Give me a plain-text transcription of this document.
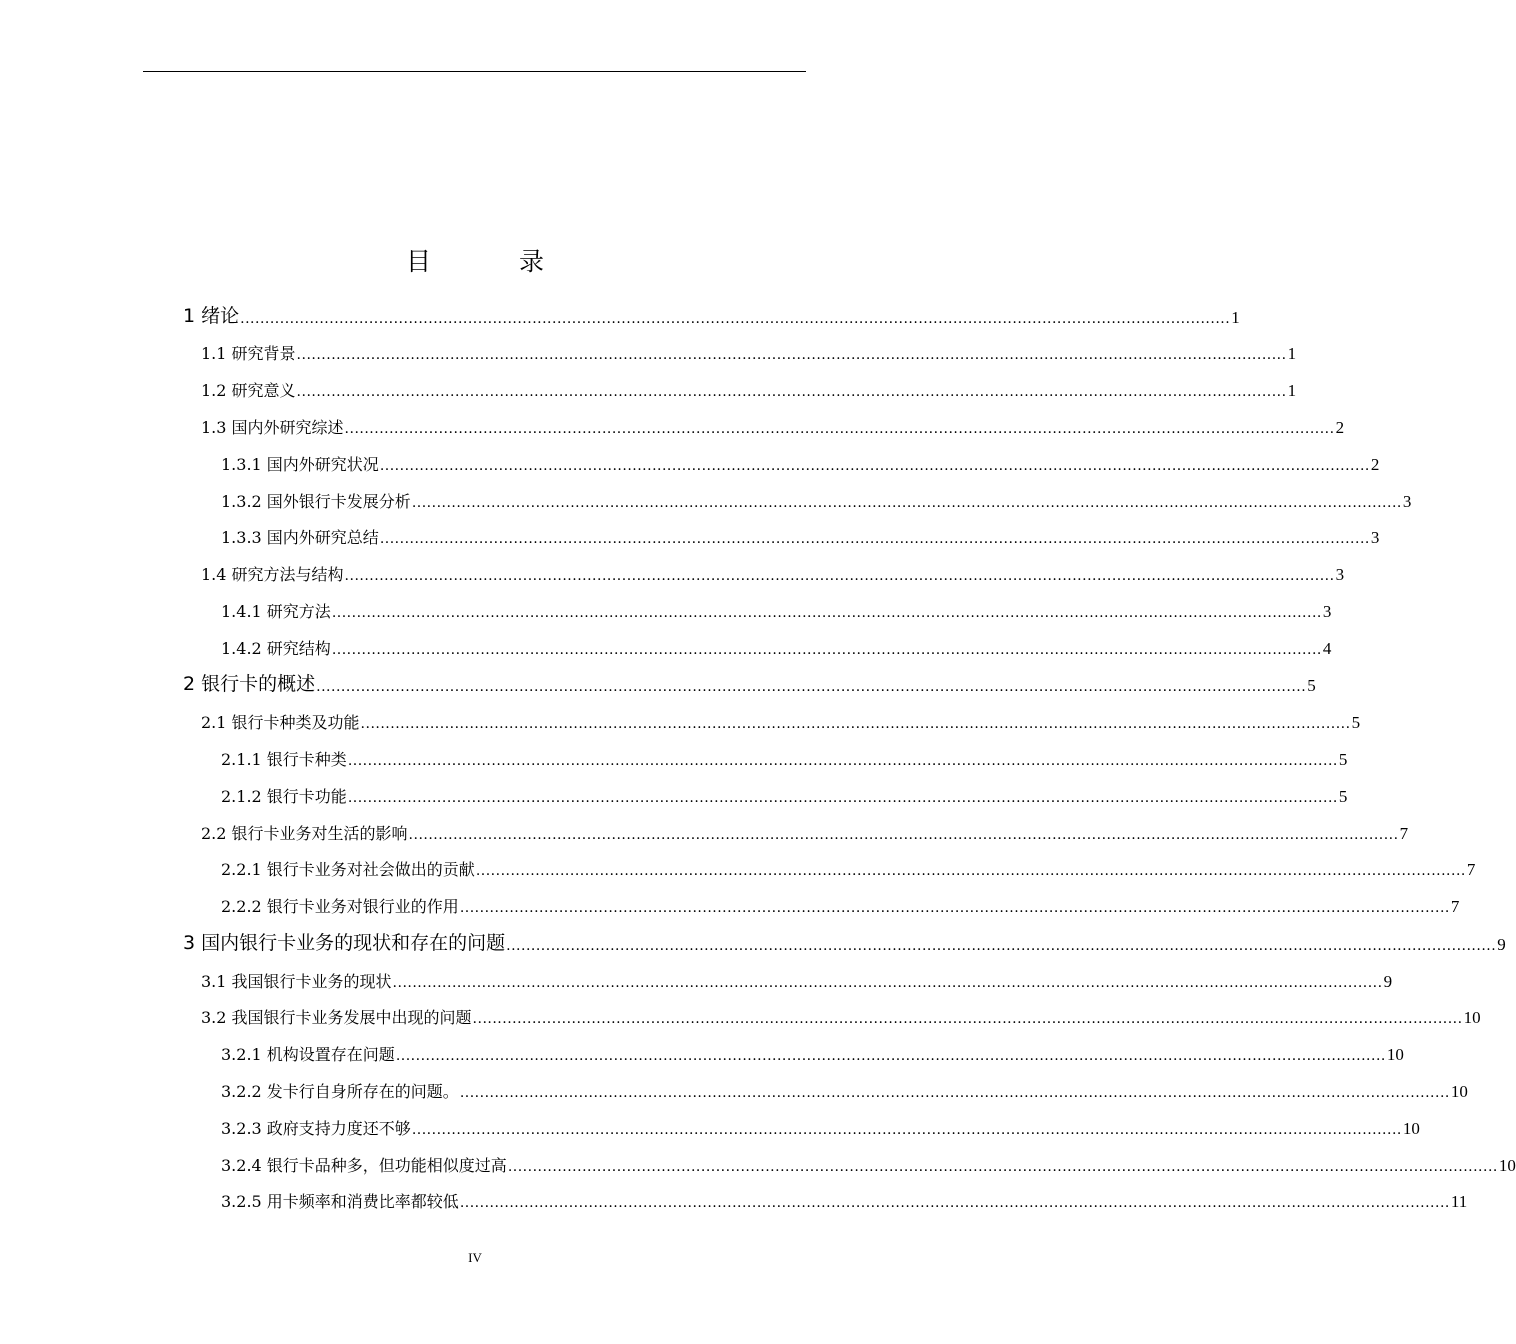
目 录
1 绪论 ........................................................................................................................................................................................................ 1
1.1 研究背景 ........................................................................................................................................................................................................ 1
1.2 研究意义 ........................................................................................................................................................................................................ 1
1.3 国内外研究综述 ........................................................................................................................................................................................................ 2
1.3.1 国内外研究状况 ........................................................................................................................................................................................................ 2
1.3.2 国外银行卡发展分析 ........................................................................................................................................................................................................ 3
1.3.3 国内外研究总结 ........................................................................................................................................................................................................ 3
1.4 研究方法与结构 ........................................................................................................................................................................................................ 3
1.4.1 研究方法 ........................................................................................................................................................................................................ 3
1.4.2 研究结构 ........................................................................................................................................................................................................ 4
2 银行卡的概述 ........................................................................................................................................................................................................ 5
2.1 银行卡种类及功能 ........................................................................................................................................................................................................ 5
2.1.1 银行卡种类 ........................................................................................................................................................................................................ 5
2.1.2 银行卡功能 ........................................................................................................................................................................................................ 5
2.2 银行卡业务对生活的影响 ........................................................................................................................................................................................................ 7
2.2.1 银行卡业务对社会做出的贡献 ........................................................................................................................................................................................................ 7
2.2.2 银行卡业务对银行业的作用 ........................................................................................................................................................................................................ 7
3 国内银行卡业务的现状和存在的问题 ........................................................................................................................................................................................................ 9
3.1 我国银行卡业务的现状 ........................................................................................................................................................................................................ 9
3.2 我国银行卡业务发展中出现的问题 ........................................................................................................................................................................................................ 10
3.2.1 机构设置存在问题 ........................................................................................................................................................................................................ 10
3.2.2 发卡行自身所存在的问题。 ........................................................................................................................................................................................................ 10
3.2.3 政府支持力度还不够 ........................................................................................................................................................................................................ 10
3.2.4 银行卡品种多，但功能相似度过高 ........................................................................................................................................................................................................ 10
3.2.5 用卡频率和消费比率都较低 ........................................................................................................................................................................................................ 11
IV
